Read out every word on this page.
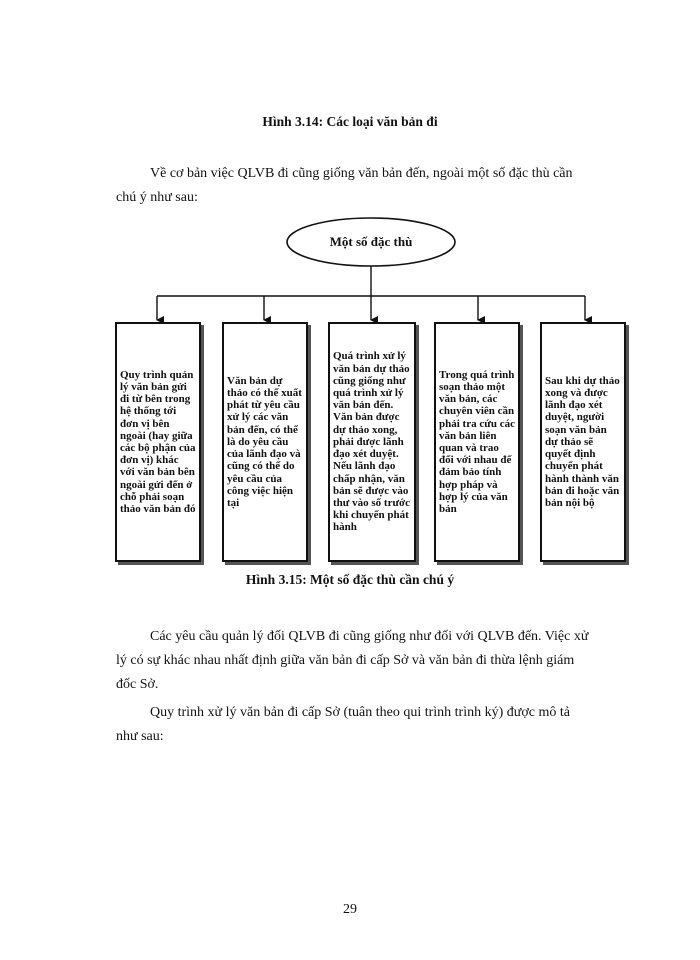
Hình 3.14: Các loại văn bản đi
Về cơ bản việc QLVB đi cũng giống văn bản đến, ngoài một số đặc thù cần
chú ý như sau:
Một số đặc thù
Quy trình quản lý văn bản gửi đi từ bên trong hệ thống tới đơn vị bên ngoài (hay giữa các bộ phận của đơn vị) khác với văn bản bên ngoài gửi đến ở chỗ phải soạn thảo văn bản đó
Văn bản dự thảo có thể xuất phát từ yêu cầu xử lý các văn bản đến, có thể là do yêu cầu của lãnh đạo và cũng có thể do yêu cầu của công việc hiện tại
Quá trình xử lý văn bản dự thảo cũng giống như quá trình xử lý văn bản đến. Văn bản được dự thảo xong, phải được lãnh đạo xét duyệt. Nếu lãnh đạo chấp nhận, văn bản sẽ được vào thư vào sổ trước khi chuyển phát hành
Trong quá trình soạn thảo một văn bản, các chuyên viên cần phải tra cứu các văn bản liên quan và trao đổi với nhau để đảm bảo tính hợp pháp và hợp lý của văn bản
Sau khi dự thảo xong và được lãnh đạo xét duyệt, người soạn văn bản dự thảo sẽ quyết định chuyển phát hành thành văn bản đi hoặc văn bản nội bộ
Hình 3.15: Một số đặc thù cần chú ý
Các yêu cầu quản lý đối QLVB đi cũng giống như đối với QLVB đến. Việc xử
lý có sự khác nhau nhất định giữa văn bản đi cấp Sở và văn bản đi thừa lệnh giám
đốc Sở.
Quy trình xử lý văn bản đi cấp Sở (tuân theo qui trình trình ký) được mô tả
như sau:
29
